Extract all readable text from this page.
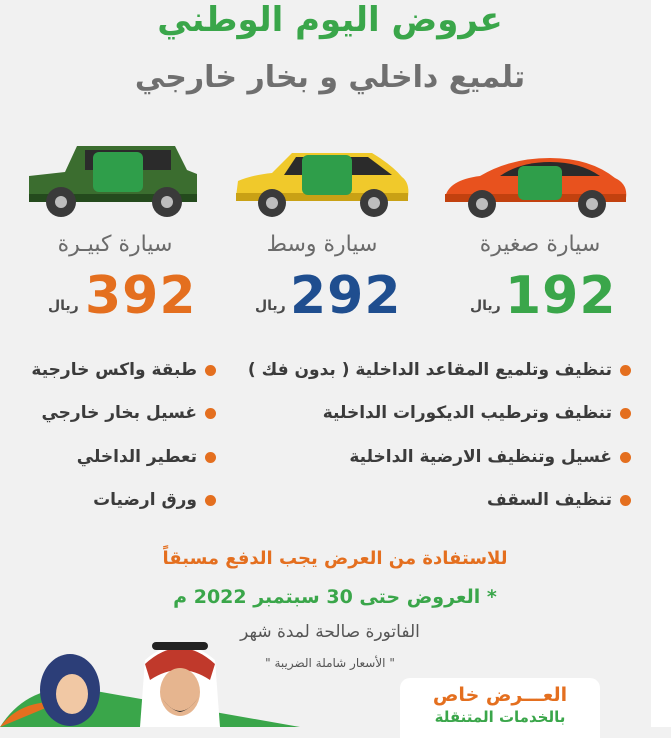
عروض اليوم الوطني
تلميع داخلي و بخار خارجي
سيارة صغيرة
192
ريال
سيارة وسط
292
ريال
سيارة كبيـرة
392
ريال
تنظيف وتلميع المقاعد الداخلية ( بدون فك )
تنظيف وترطيب الديكورات الداخلية
غسيل وتنظيف الارضية الداخلية
تنظيف السقف
طبقة واكس خارجية
غسيل بخار خارجي
تعطير الداخلي
ورق ارضيات
للاستفادة من العرض يجب الدفع مسبقاً
* العروض حتى 30 سبتمبر 2022 م
الفاتورة صالحة لمدة شهر
" الأسعار شاملة الضريبة "
العـــرض خاص
بالخدمات المتنقلة
